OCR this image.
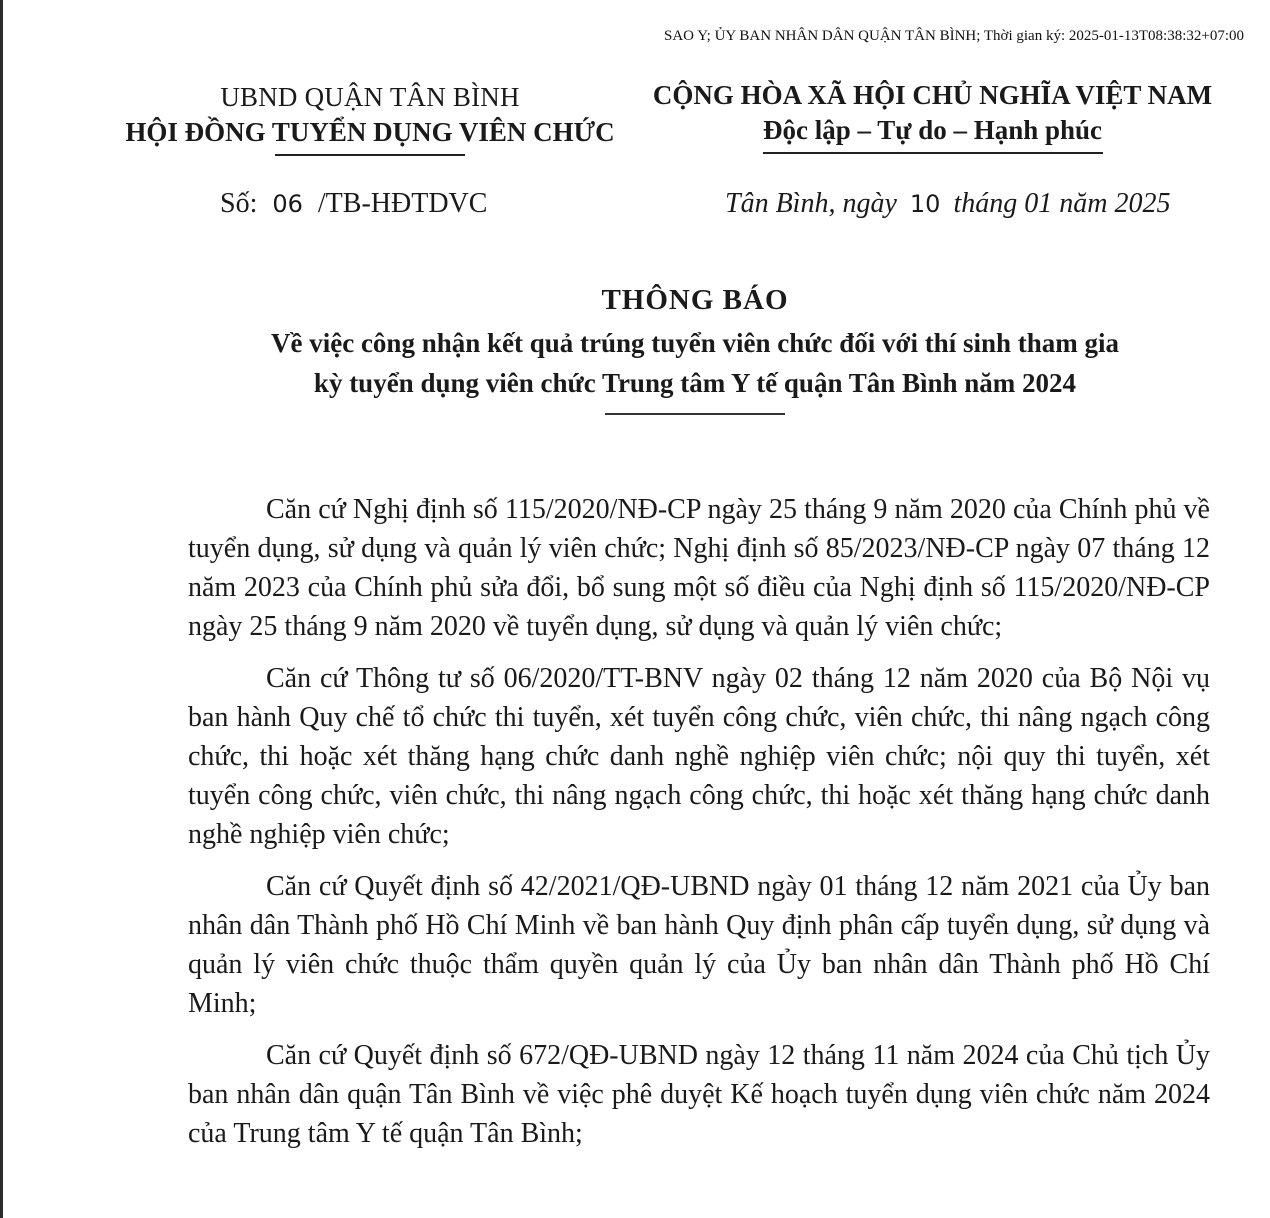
SAO Y; ỦY BAN NHÂN DÂN QUẬN TÂN BÌNH; Thời gian ký: 2025-01-13T08:38:32+07:00
UBND QUẬN TÂN BÌNH
HỘI ĐỒNG TUYỂN DỤNG VIÊN CHỨC
CỘNG HÒA XÃ HỘI CHỦ NGHĨA VIỆT NAM
Độc lập – Tự do – Hạnh phúc
Số: 06 /TB-HĐTDVC	Tân Bình, ngày 10 tháng 01 năm 2025
THÔNG BÁO
Về việc công nhận kết quả trúng tuyển viên chức đối với thí sinh tham gia
kỳ tuyển dụng viên chức Trung tâm Y tế quận Tân Bình năm 2024

Căn cứ Nghị định số 115/2020/NĐ-CP ngày 25 tháng 9 năm 2020 của Chính phủ về tuyển dụng, sử dụng và quản lý viên chức; Nghị định số 85/2023/NĐ-CP ngày 07 tháng 12 năm 2023 của Chính phủ sửa đổi, bổ sung một số điều của Nghị định số 115/2020/NĐ-CP ngày 25 tháng 9 năm 2020 về tuyển dụng, sử dụng và quản lý viên chức;

Căn cứ Thông tư số 06/2020/TT-BNV ngày 02 tháng 12 năm 2020 của Bộ Nội vụ ban hành Quy chế tổ chức thi tuyển, xét tuyển công chức, viên chức, thi nâng ngạch công chức, thi hoặc xét thăng hạng chức danh nghề nghiệp viên chức; nội quy thi tuyển, xét tuyển công chức, viên chức, thi nâng ngạch công chức, thi hoặc xét thăng hạng chức danh nghề nghiệp viên chức;

Căn cứ Quyết định số 42/2021/QĐ-UBND ngày 01 tháng 12 năm 2021 của Ủy ban nhân dân Thành phố Hồ Chí Minh về ban hành Quy định phân cấp tuyển dụng, sử dụng và quản lý viên chức thuộc thẩm quyền quản lý của Ủy ban nhân dân Thành phố Hồ Chí Minh;

Căn cứ Quyết định số 672/QĐ-UBND ngày 12 tháng 11 năm 2024 của Chủ tịch Ủy ban nhân dân quận Tân Bình về việc phê duyệt Kế hoạch tuyển dụng viên chức năm 2024 của Trung tâm Y tế quận Tân Bình;
